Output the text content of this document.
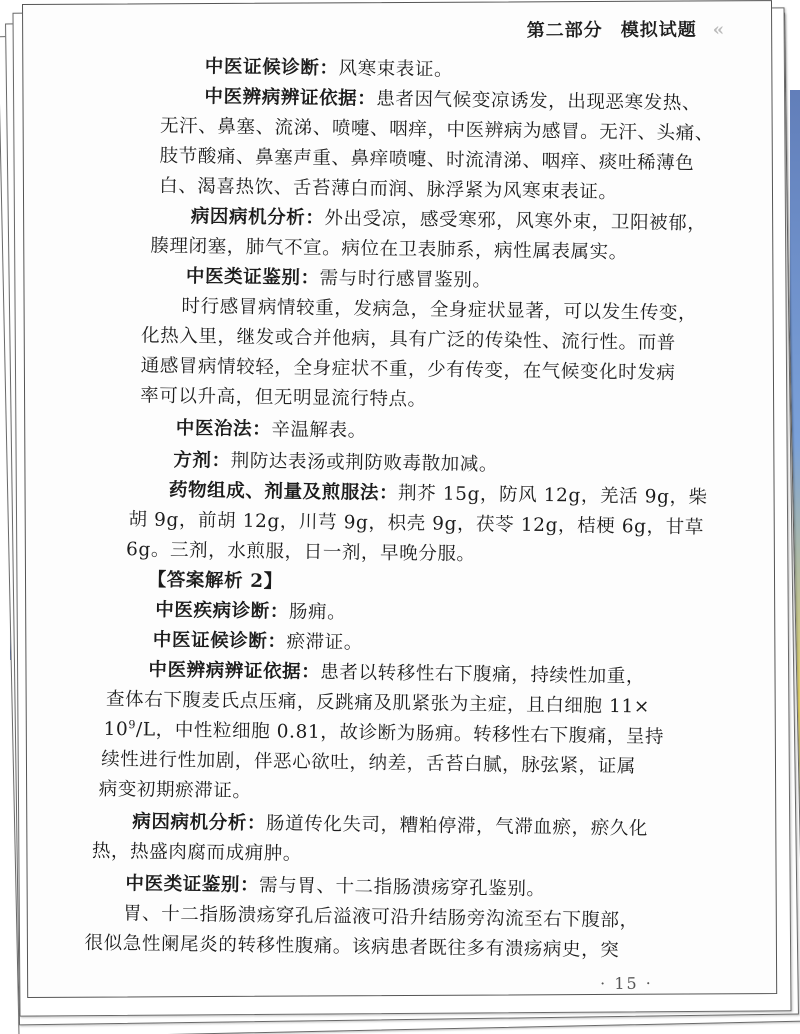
第二部分 模拟试题 ‹‹
中医证候诊断：风寒束表证。
中医辨病辨证依据：患者因气候变凉诱发，出现恶寒发热、
无汗、鼻塞、流涕、喷嚏、咽痒，中医辨病为感冒。无汗、头痛、
肢节酸痛、鼻塞声重、鼻痒喷嚏、时流清涕、咽痒、痰吐稀薄色
白、渴喜热饮、舌苔薄白而润、脉浮紧为风寒束表证。
病因病机分析：外出受凉，感受寒邪，风寒外束，卫阳被郁，
腠理闭塞，肺气不宣。病位在卫表肺系，病性属表属实。
中医类证鉴别：需与时行感冒鉴别。
时行感冒病情较重，发病急，全身症状显著，可以发生传变，
化热入里，继发或合并他病，具有广泛的传染性、流行性。而普
通感冒病情较轻，全身症状不重，少有传变，在气候变化时发病
率可以升高，但无明显流行特点。
中医治法：辛温解表。
方剂：荆防达表汤或荆防败毒散加减。
药物组成、剂量及煎服法：荆芥 15g，防风 12g，羌活 9g，柴
胡 9g，前胡 12g，川芎 9g，枳壳 9g，茯苓 12g，桔梗 6g，甘草
6g。三剂，水煎服，日一剂，早晚分服。
【答案解析 2】
中医疾病诊断：肠痈。
中医证候诊断：瘀滞证。
中医辨病辨证依据：患者以转移性右下腹痛，持续性加重，
查体右下腹麦氏点压痛，反跳痛及肌紧张为主症，且白细胞 11×
$10^9/L$，中性粒细胞 0.81，故诊断为肠痈。转移性右下腹痛，呈持
续性进行性加剧，伴恶心欲吐，纳差，舌苔白腻，脉弦紧，证属
病变初期瘀滞证。
病因病机分析：肠道传化失司，糟粕停滞，气滞血瘀，瘀久化
热，热盛肉腐而成痈肿。
中医类证鉴别：需与胃、十二指肠溃疡穿孔鉴别。
胃、十二指肠溃疡穿孔后溢液可沿升结肠旁沟流至右下腹部，
很似急性阑尾炎的转移性腹痛。该病患者既往多有溃疡病史，突
· 15 ·
